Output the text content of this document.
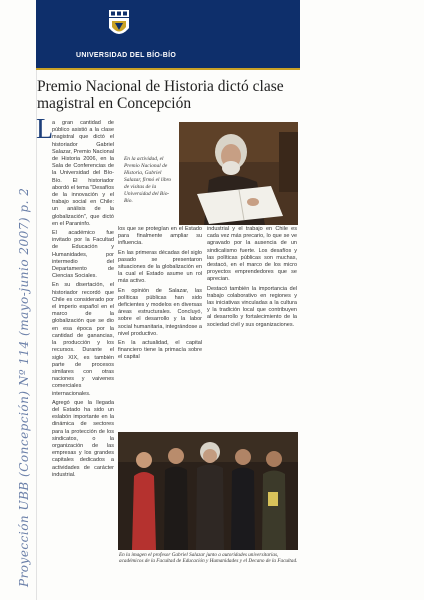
UNIVERSIDAD DEL BÍO-BÍO
Premio Nacional de Historia dictó clase magistral en Concepción
L

a gran cantidad de público asistió a la clase magistral que dictó el historiador Gabriel Salazar, Premio Nacional de Historia 2006, en la Sala de Conferencias de la Universidad del Bío-Bío. El historiador abordó el tema "Desafíos de la innovación y el trabajo social en Chile: un análisis de la globalización", que dictó en el Paraninfo.

El académico fue invitado por la Facultad de Educación y Humanidades, por intermedio del Departamento de Ciencias Sociales.

En su disertación, el historiador recordó que Chile es considerado por el imperio español en el marco de la globalización que se dio en esa época por la cantidad de ganancias, la producción y los recursos. Durante el siglo XIX, es también parte de procesos similares con otras naciones y vaivenes comerciales internacionales.

Agregó que la llegada del Estado ha sido un eslabón importante en la dinámica de sectores para la protección de los sindicatos, o la organización de las empresas y los grandes capitales dedicados a actividades de carácter industrial.

En la actividad, el Premio Nacional de Historia, Gabriel Salazar, firmó el libro de visitas de la Universidad del Bío-Bío.

los que se protegían en el Estado para finalmente ampliar su influencia.

En las primeras décadas del siglo pasado se presentaron situaciones de la globalización en la cual el Estado asume un rol más activo.

En opinión de Salazar, las políticas públicas han sido deficientes y modelos en diversas áreas estructurales. Concluyó, sobre el desarrollo y la labor social humanitaria, integrándose a nivel productivo.

En la actualidad, el capital financiero tiene la primacía sobre el capital

industrial y el trabajo en Chile es cada vez más precario, lo que se ve agravado por la ausencia de un sindicalismo fuerte. Los desafíos y las políticas públicas son muchas, destacó, en el marco de los micro proyectos emprendedores que se aprecian.

Destacó también la importancia del trabajo colaborativo en regiones y las iniciativas vinculadas a la cultura y la tradición local que contribuyen al desarrollo y fortalecimiento de la sociedad civil y sus organizaciones.

En la imagen el profesor Gabriel Salazar junto a autoridades universitarias, académicos de la Facultad de Educación y Humanidades y el Decano de la Facultad.
Proyección UBB (Concepción) Nº 114 (mayo-junio 2007) p. 2
